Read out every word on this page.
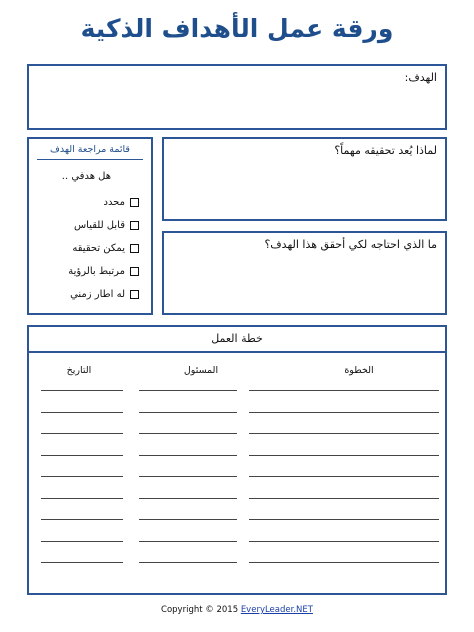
ورقة عمل الأهداف الذكية
الهدف:
قائمة مراجعة الهدف
هل هدفي ..
محدد
قابل للقياس
يمكن تحقيقه
مرتبط بالرؤية
له اطار زمني
لماذا يُعد تحقيقه مهماً؟
ما الذي احتاجه لكي أحقق هذا الهدف؟
خطة العمل
الخطوة
المسئول
التاريخ
Copyright © 2015 EveryLeader.NET
